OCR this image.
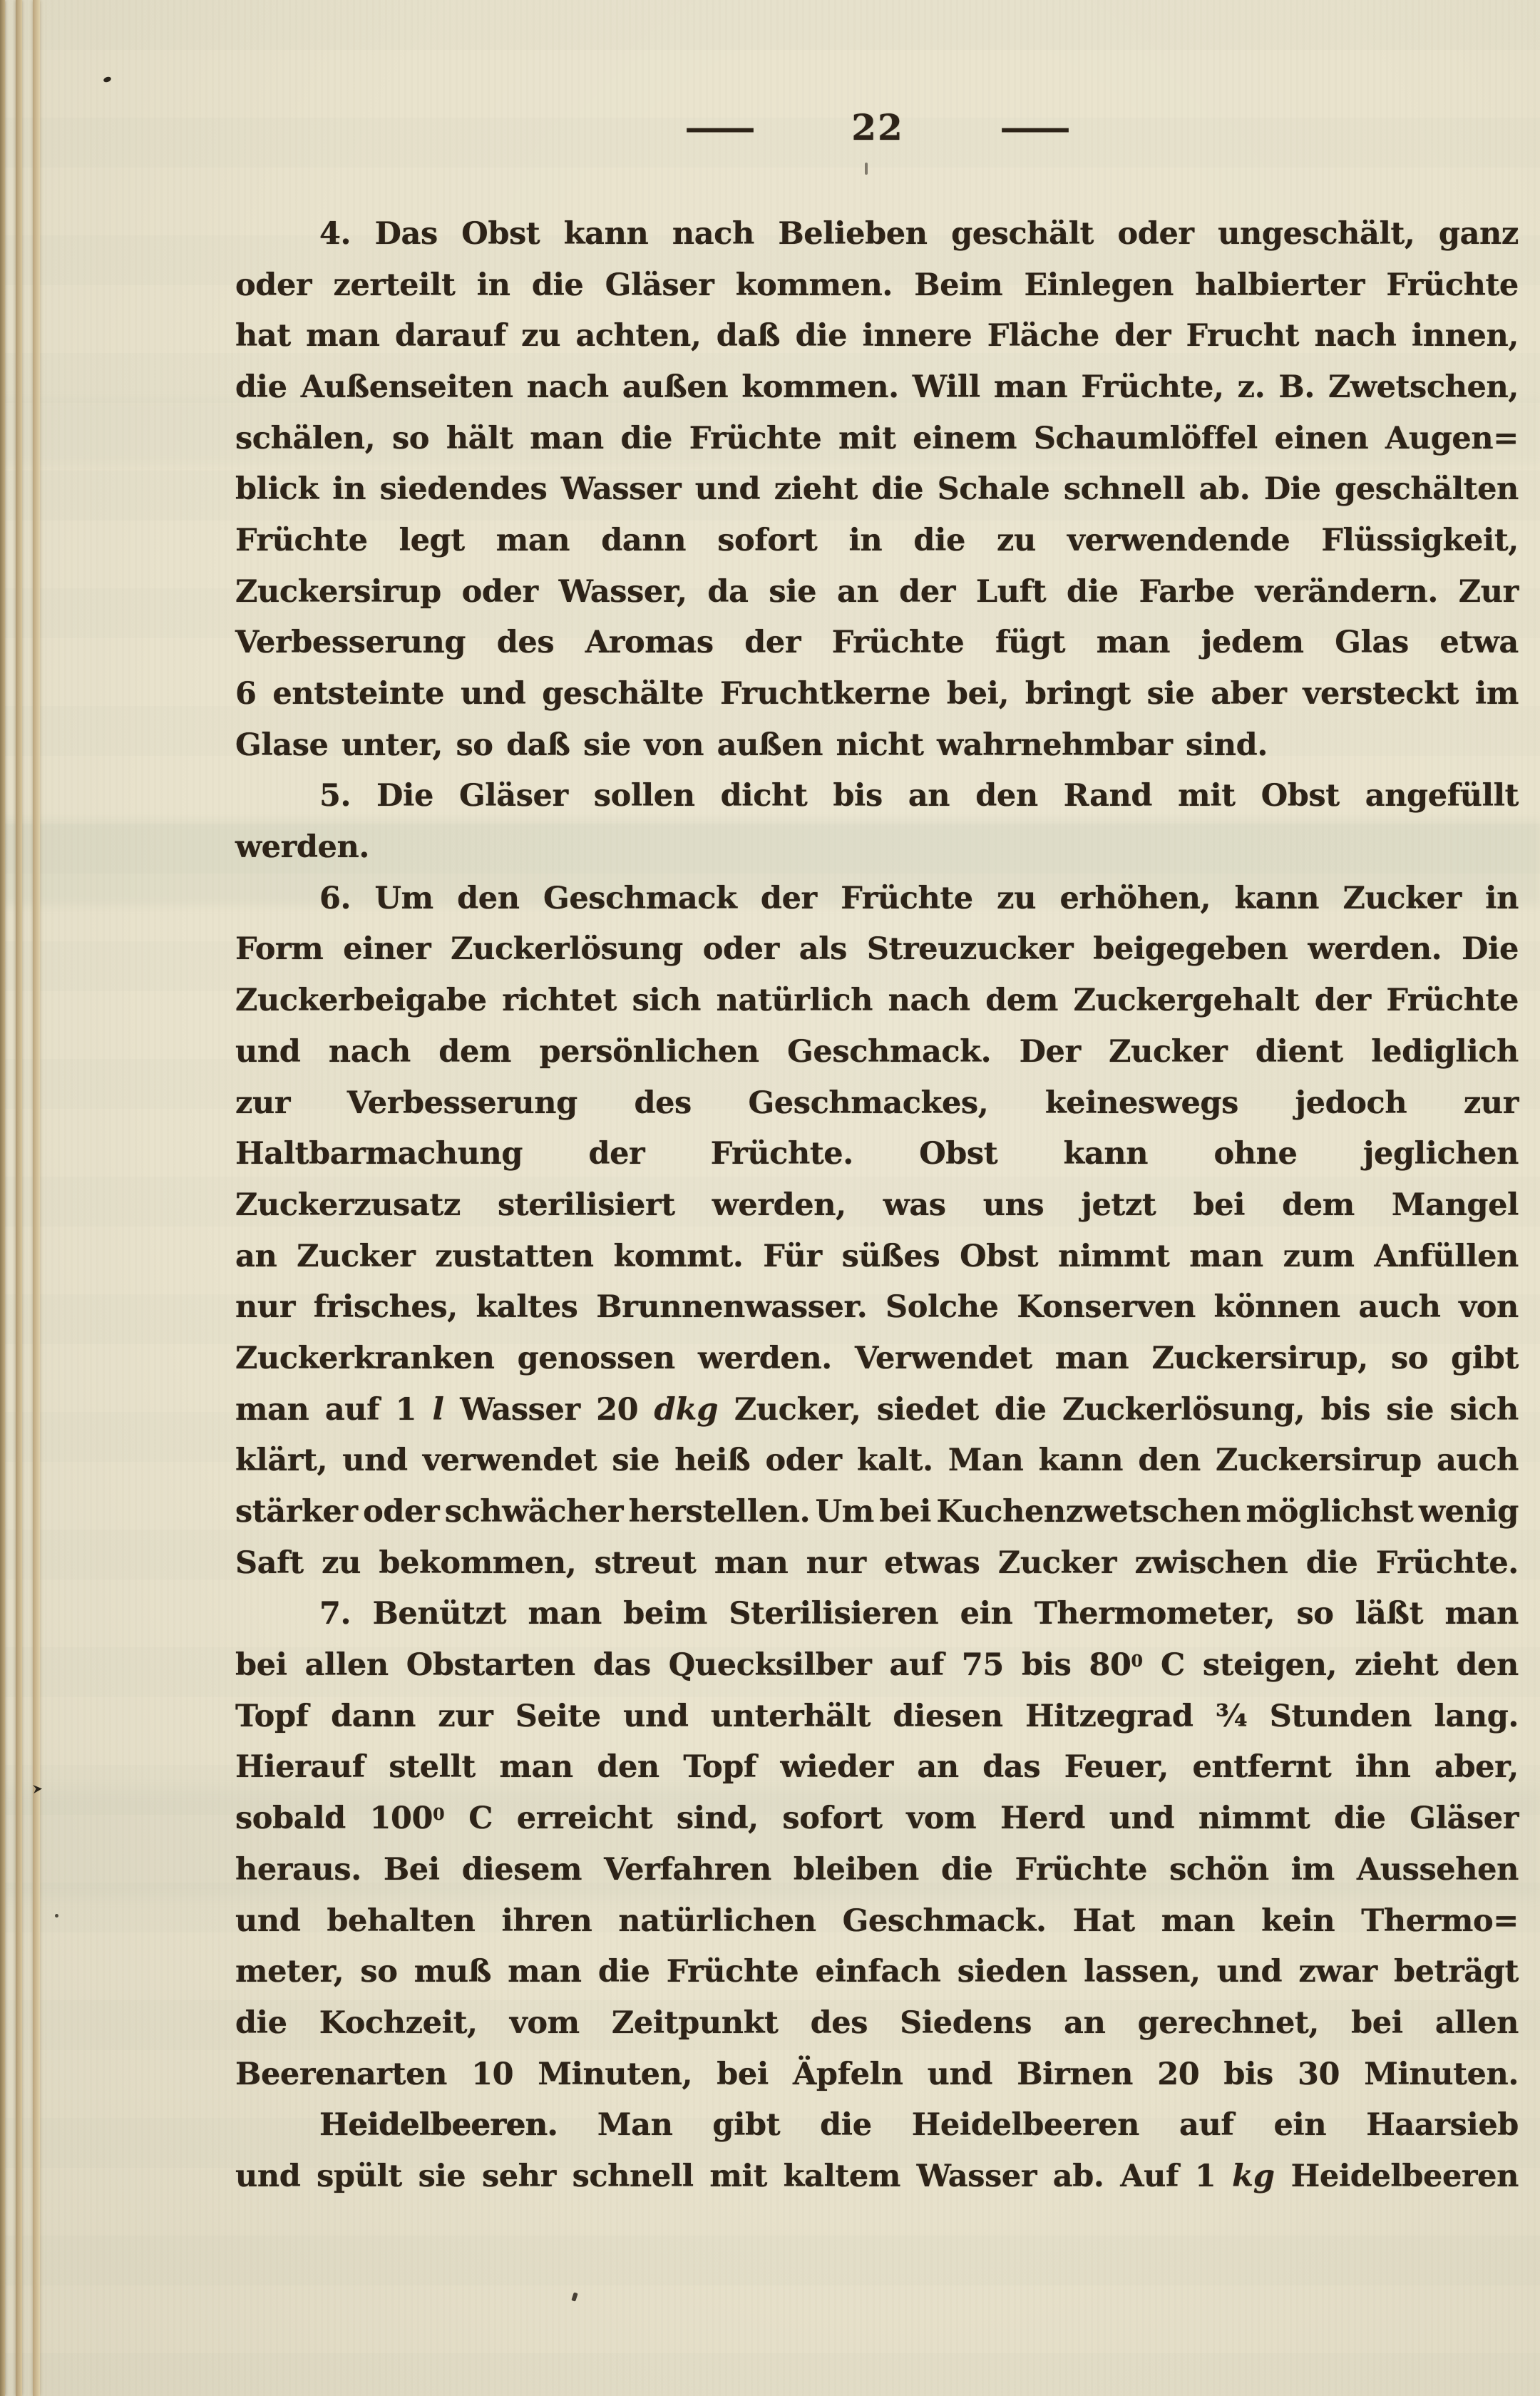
—	22	—
4. Das Obst kann nach Belieben geschält oder ungeschält, ganz
oder zerteilt in die Gläser kommen. Beim Einlegen halbierter Früchte
hat man darauf zu achten, daß die innere Fläche der Frucht nach innen,
die Außenseiten nach außen kommen. Will man Früchte, z. B. Zwetschen,
schälen, so hält man die Früchte mit einem Schaumlöffel einen Augen=
blick in siedendes Wasser und zieht die Schale schnell ab. Die geschälten
Früchte legt man dann sofort in die zu verwendende Flüssigkeit,
Zuckersirup oder Wasser, da sie an der Luft die Farbe verändern. Zur
Verbesserung des Aromas der Früchte fügt man jedem Glas etwa
6 entsteinte und geschälte Fruchtkerne bei, bringt sie aber versteckt im
Glase unter, so daß sie von außen nicht wahrnehmbar sind.
5. Die Gläser sollen dicht bis an den Rand mit Obst angefüllt
werden.
6. Um den Geschmack der Früchte zu erhöhen, kann Zucker in
Form einer Zuckerlösung oder als Streuzucker beigegeben werden. Die
Zuckerbeigabe richtet sich natürlich nach dem Zuckergehalt der Früchte
und nach dem persönlichen Geschmack. Der Zucker dient lediglich
zur Verbesserung des Geschmackes, keineswegs jedoch zur
Haltbarmachung der Früchte. Obst kann ohne jeglichen
Zuckerzusatz sterilisiert werden, was uns jetzt bei dem Mangel
an Zucker zustatten kommt. Für süßes Obst nimmt man zum Anfüllen
nur frisches, kaltes Brunnenwasser. Solche Konserven können auch von
Zuckerkranken genossen werden. Verwendet man Zuckersirup, so gibt
man auf 1 l Wasser 20 dkg Zucker, siedet die Zuckerlösung, bis sie sich
klärt, und verwendet sie heiß oder kalt. Man kann den Zuckersirup auch
stärker oder schwächer herstellen. Um bei Kuchenzwetschen möglichst wenig
Saft zu bekommen, streut man nur etwas Zucker zwischen die Früchte.
7. Benützt man beim Sterilisieren ein Thermometer, so läßt man
bei allen Obstarten das Quecksilber auf 75 bis $80^0$ C steigen, zieht den
Topf dann zur Seite und unterhält diesen Hitzegrad ¾ Stunden lang.
Hierauf stellt man den Topf wieder an das Feuer, entfernt ihn aber,
sobald $100^0$ C erreicht sind, sofort vom Herd und nimmt die Gläser
heraus. Bei diesem Verfahren bleiben die Früchte schön im Aussehen
und behalten ihren natürlichen Geschmack. Hat man kein Thermo=
meter, so muß man die Früchte einfach sieden lassen, und zwar beträgt
die Kochzeit, vom Zeitpunkt des Siedens an gerechnet, bei allen
Beerenarten 10 Minuten, bei Äpfeln und Birnen 20 bis 30 Minuten.
Heidelbeeren. Man gibt die Heidelbeeren auf ein Haarsieb
und spült sie sehr schnell mit kaltem Wasser ab. Auf 1 kg Heidelbeeren
